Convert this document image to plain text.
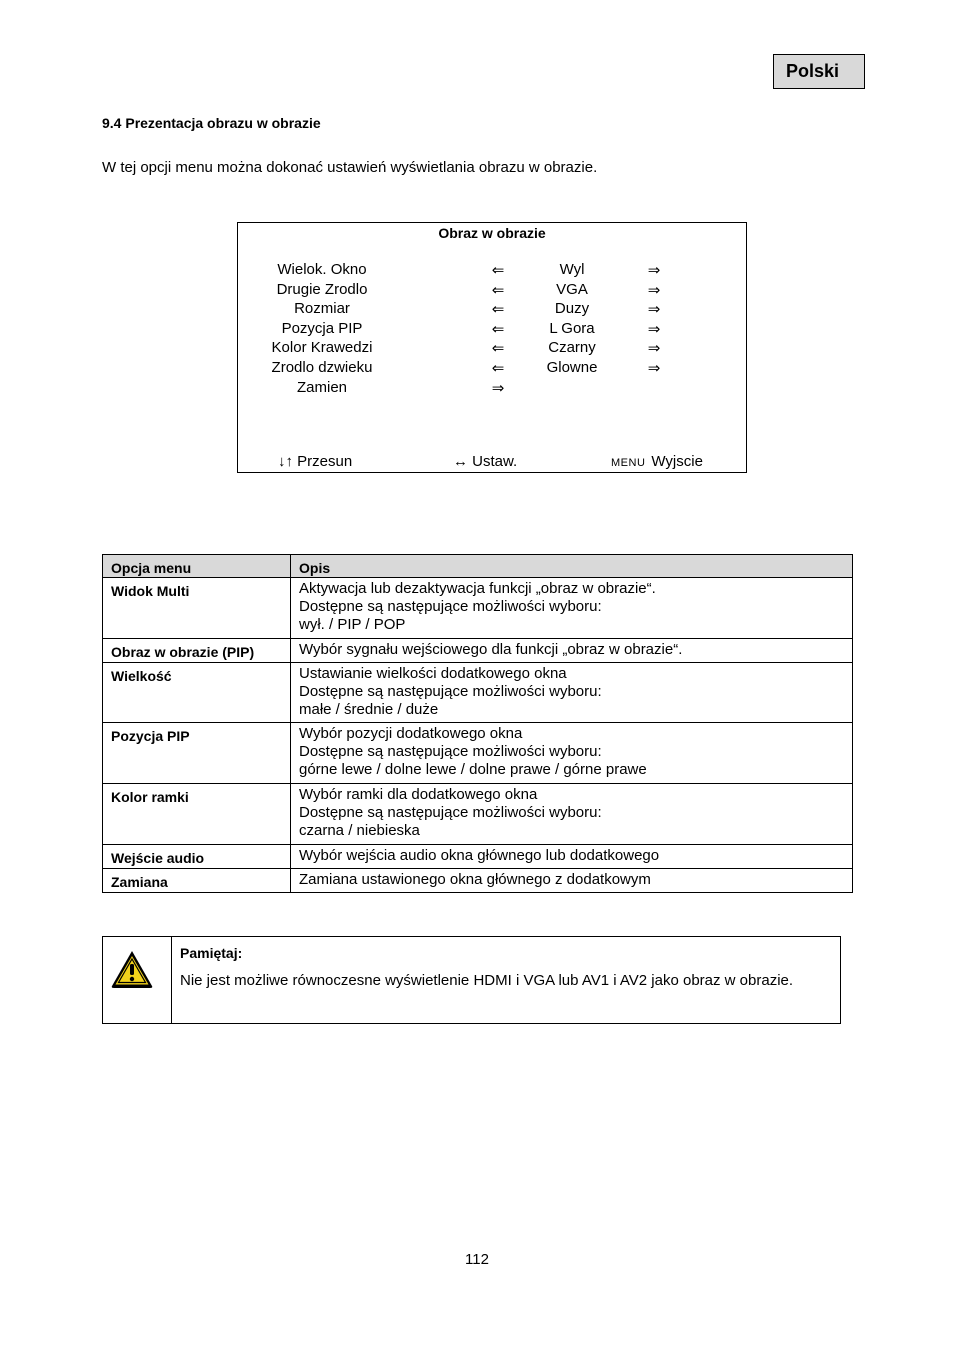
Polski
9.4 Prezentacja obrazu w obrazie
W tej opcji menu można dokonać ustawień wyświetlania obrazu w obrazie.
Obraz w obrazie
Wielok. Okno	⇐	Wyl	⇒
Drugie Zrodlo	⇐	VGA	⇒
Rozmiar	⇐	Duzy	⇒
Pozycja PIP	⇐	L Gora	⇒
Kolor Krawedzi	⇐	Czarny	⇒
Zrodlo dzwieku	⇐	Glowne	⇒
Zamien	⇒
↓↑ Przesun	↔ Ustaw.	MENU Wyjscie
Opcja menu	Opis
Widok Multi	Aktywacja lub dezaktywacja funkcji „obraz w obrazie“.
Dostępne są następujące możliwości wyboru:
wył. / PIP / POP
Obraz w obrazie (PIP)	Wybór sygnału wejściowego dla funkcji „obraz w obrazie“.
Wielkość	Ustawianie wielkości dodatkowego okna
Dostępne są następujące możliwości wyboru:
małe / średnie / duże
Pozycja PIP	Wybór pozycji dodatkowego okna
Dostępne są następujące możliwości wyboru:
górne lewe / dolne lewe / dolne prawe / górne prawe
Kolor ramki	Wybór ramki dla dodatkowego okna
Dostępne są następujące możliwości wyboru:
czarna / niebieska
Wejście audio	Wybór wejścia audio okna głównego lub dodatkowego
Zamiana	Zamiana ustawionego okna głównego z dodatkowym
Pamiętaj:
Nie jest możliwe równoczesne wyświetlenie HDMI i VGA lub AV1 i AV2 jako obraz w obrazie.
112
